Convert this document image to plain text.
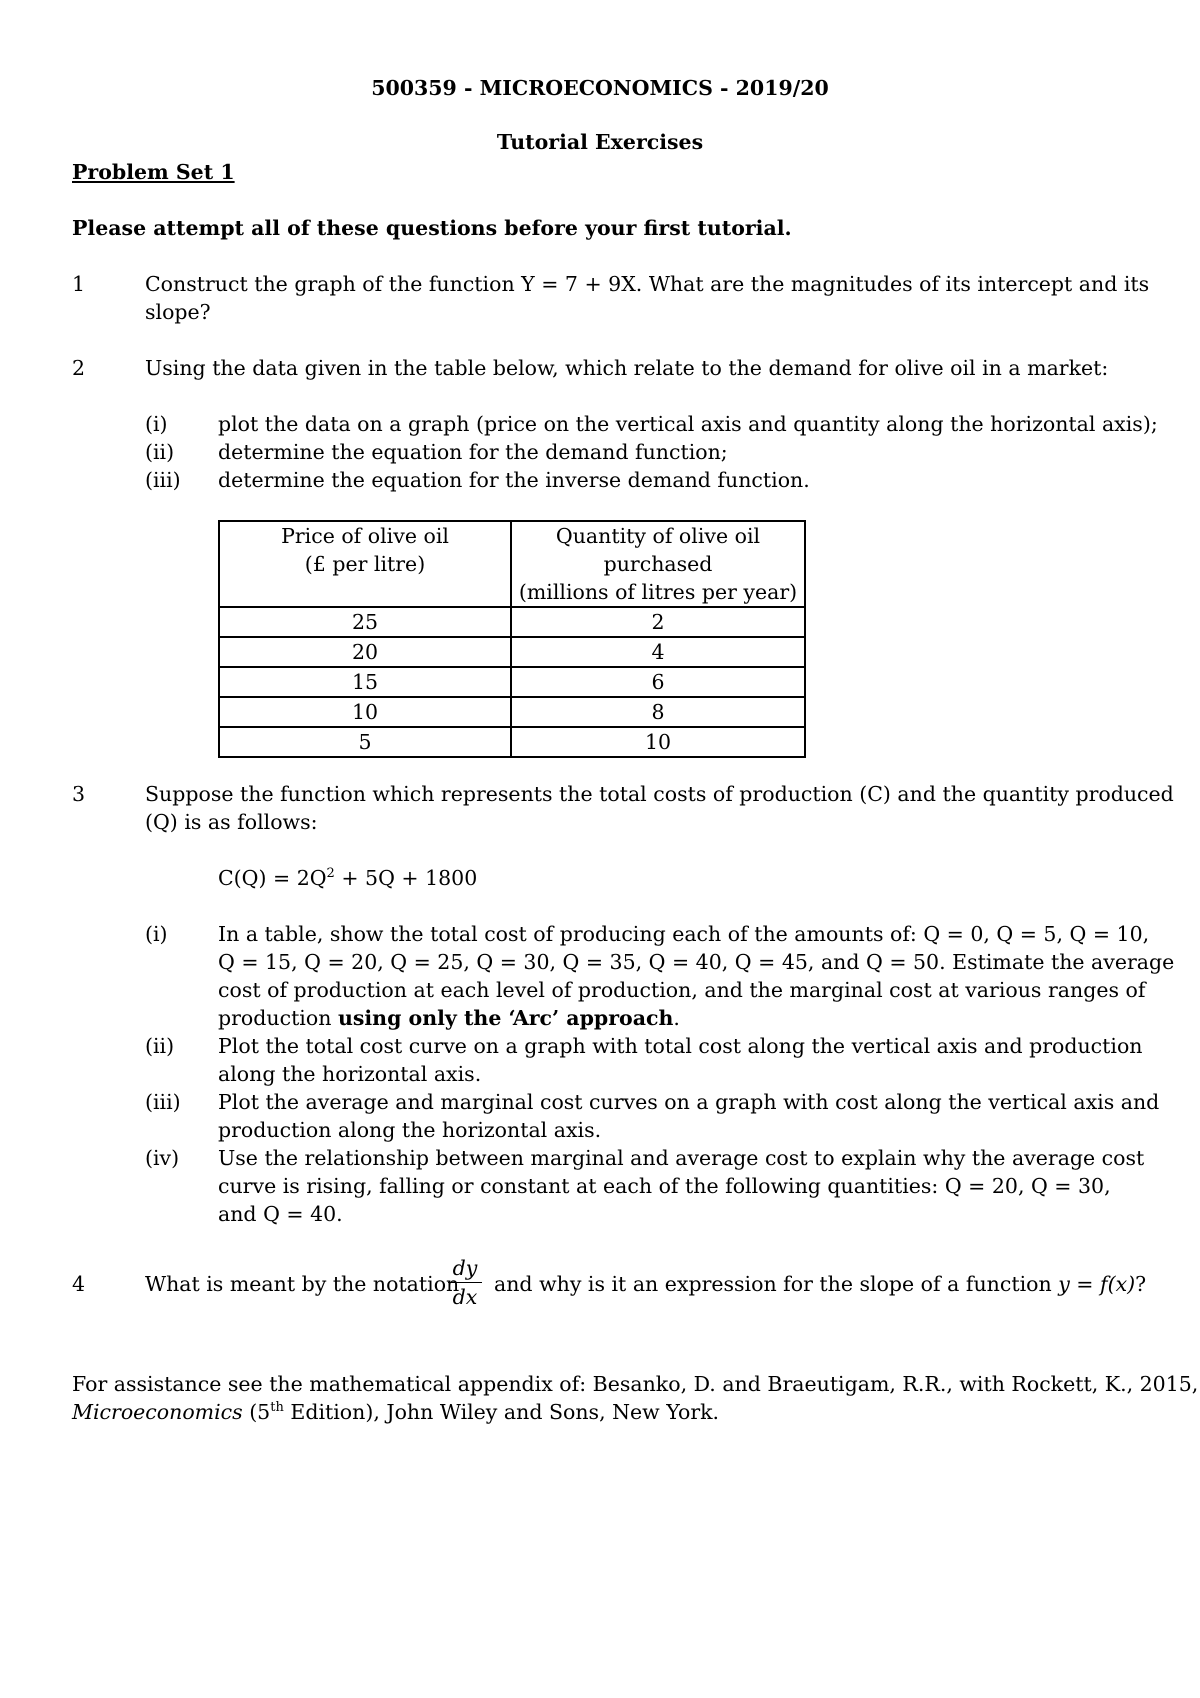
500359 - MICROECONOMICS - 2019/20
Tutorial Exercises
Problem Set 1
Please attempt all of these questions before your first tutorial.
1	Construct the graph of the function Y = 7 + 9X. What are the magnitudes of its intercept and its
slope?
2	Using the data given in the table below, which relate to the demand for olive oil in a market:
(i) plot the data on a graph (price on the vertical axis and quantity along the horizontal axis);
(ii) determine the equation for the demand function;
(iii) determine the equation for the inverse demand function.
Price of olive oil
(£ per litre)	Quantity of olive oil
purchased
(millions of litres per year)
25	2
20	4
15	6
10	8
5	10
3	Suppose the function which represents the total costs of production (C) and the quantity produced
(Q) is as follows:
$C(Q) = 2Q^2 + 5Q + 1800$
(i) In a table, show the total cost of producing each of the amounts of: Q = 0, Q = 5, Q = 10,
Q = 15, Q = 20, Q = 25, Q = 30, Q = 35, Q = 40, Q = 45, and Q = 50. Estimate the average
cost of production at each level of production, and the marginal cost at various ranges of
production using only the ‘Arc’ approach.
(ii) Plot the total cost curve on a graph with total cost along the vertical axis and production
along the horizontal axis.
(iii) Plot the average and marginal cost curves on a graph with cost along the vertical axis and
production along the horizontal axis.
(iv) Use the relationship between marginal and average cost to explain why the average cost
curve is rising, falling or constant at each of the following quantities: Q = 20, Q = 30,
and Q = 40.
4	What is meant by the notation
dy
dx
and why is it an expression for the slope of a function y = f(x)?
For assistance see the mathematical appendix of: Besanko, D. and Braeutigam, R.R., with Rockett, K., 2015,
Microeconomics (5th Edition), John Wiley and Sons, New York.
